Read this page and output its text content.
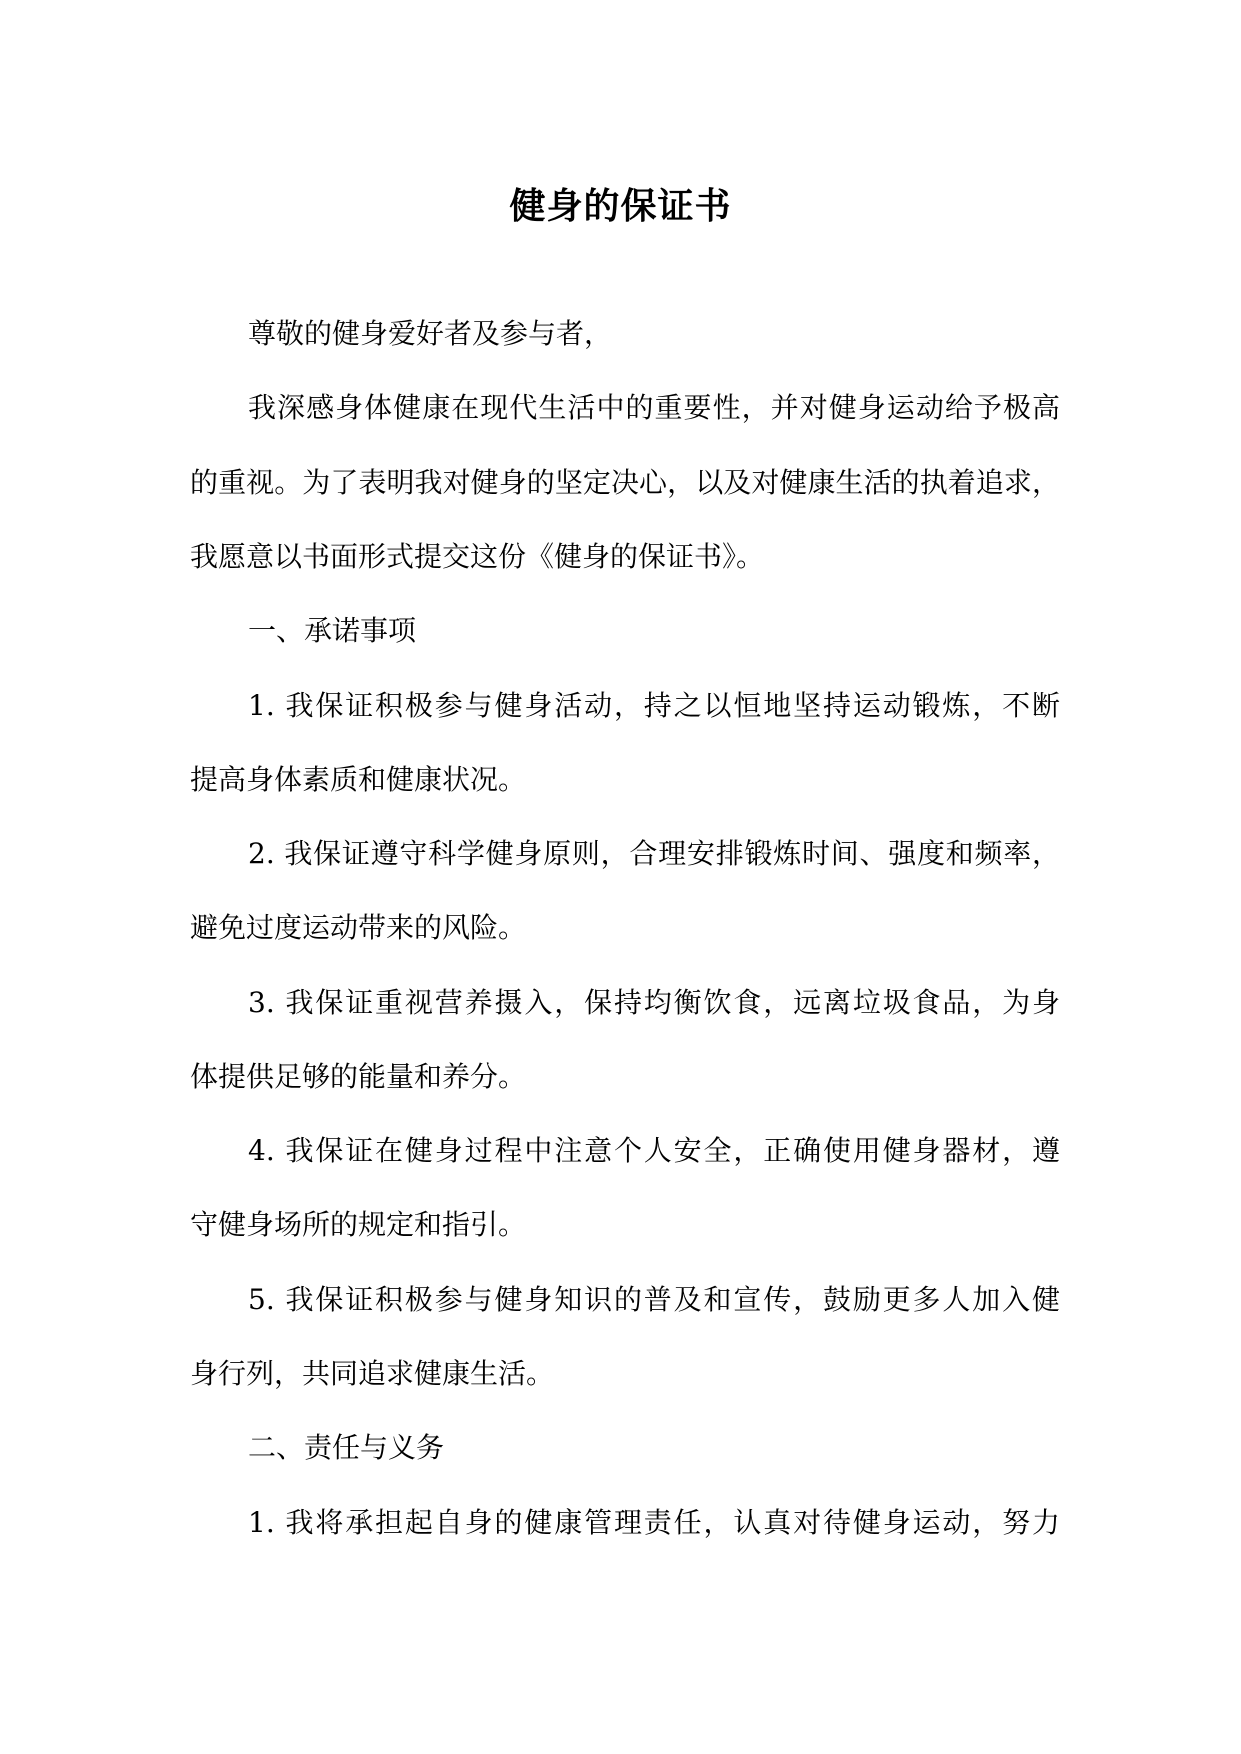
健身的保证书
尊敬的健身爱好者及参与者，
我深感身体健康在现代生活中的重要性，并对健身运动给予极高
的重视。为了表明我对健身的坚定决心，以及对健康生活的执着追求，
我愿意以书面形式提交这份《健身的保证书》。
一、承诺事项
1. 我保证积极参与健身活动，持之以恒地坚持运动锻炼，不断
提高身体素质和健康状况。
2. 我保证遵守科学健身原则，合理安排锻炼时间、强度和频率，
避免过度运动带来的风险。
3. 我保证重视营养摄入，保持均衡饮食，远离垃圾食品，为身
体提供足够的能量和养分。
4. 我保证在健身过程中注意个人安全，正确使用健身器材，遵
守健身场所的规定和指引。
5. 我保证积极参与健身知识的普及和宣传，鼓励更多人加入健
身行列，共同追求健康生活。
二、责任与义务
1. 我将承担起自身的健康管理责任，认真对待健身运动，努力
